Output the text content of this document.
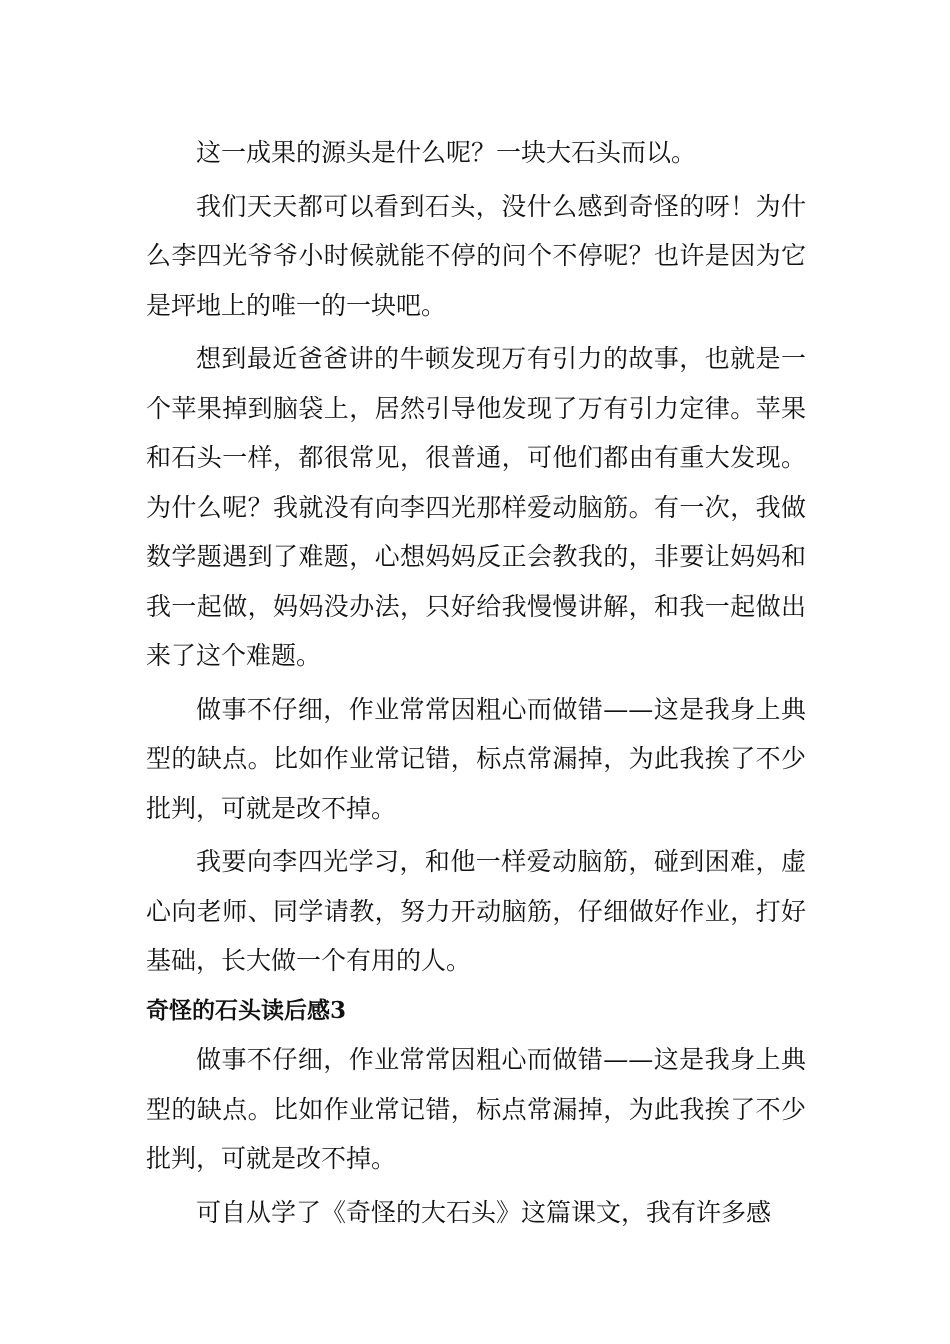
这一成果的源头是什么呢？一块大石头而以。

我们天天都可以看到石头，没什么感到奇怪的呀！为什么李四光爷爷小时候就能不停的问个不停呢？也许是因为它是坪地上的唯一的一块吧。

想到最近爸爸讲的牛顿发现万有引力的故事，也就是一个苹果掉到脑袋上，居然引导他发现了万有引力定律。苹果和石头一样，都很常见，很普通，可他们都由有重大发现。为什么呢？我就没有向李四光那样爱动脑筋。有一次，我做数学题遇到了难题，心想妈妈反正会教我的，非要让妈妈和我一起做，妈妈没办法，只好给我慢慢讲解，和我一起做出来了这个难题。

做事不仔细，作业常常因粗心而做错——这是我身上典型的缺点。比如作业常记错，标点常漏掉，为此我挨了不少批判，可就是改不掉。

我要向李四光学习，和他一样爱动脑筋，碰到困难，虚心向老师、同学请教，努力开动脑筋，仔细做好作业，打好基础，长大做一个有用的人。

奇怪的石头读后感3

做事不仔细，作业常常因粗心而做错——这是我身上典型的缺点。比如作业常记错，标点常漏掉，为此我挨了不少批判，可就是改不掉。

可自从学了《奇怪的大石头》这篇课文，我有许多感
